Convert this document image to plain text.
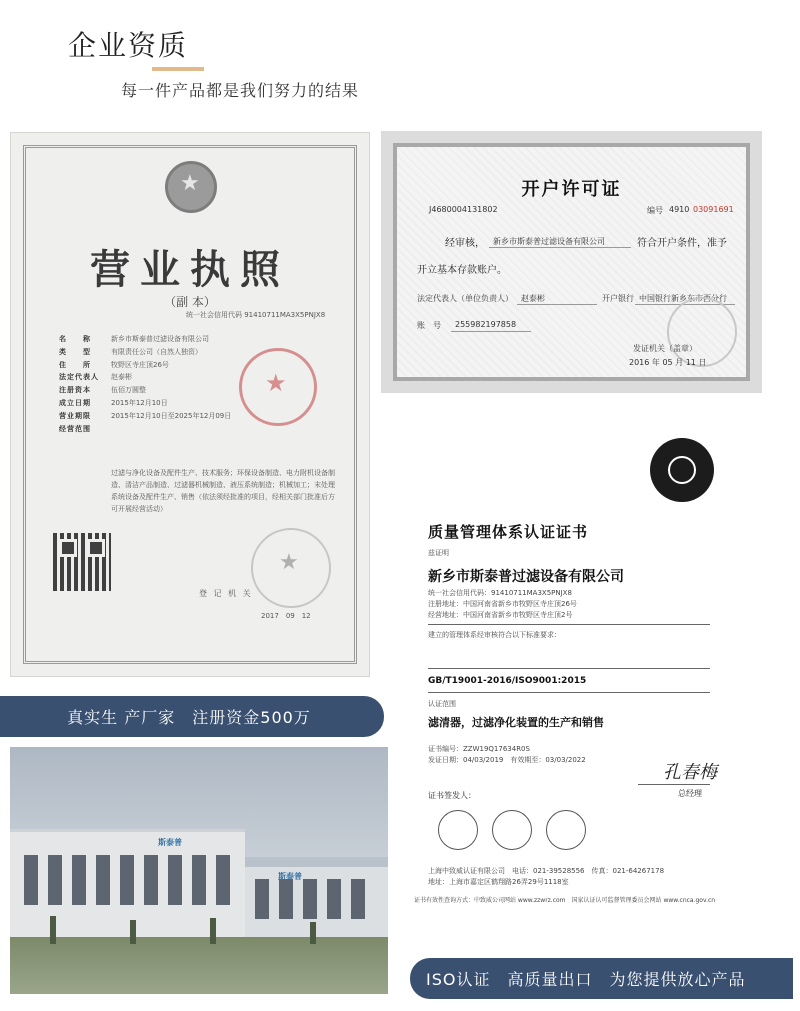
企业资质
每一件产品都是我们努力的结果
★
营业执照
（副 本）
统一社会信用代码 91410711MA3X5PNJX8
名　　称	新乡市斯泰普过滤设备有限公司
类　　型	有限责任公司（自然人独资）
住　　所	牧野区寺庄顶26号
法定代表人	赵泰彬
注册资本	伍佰万圆整
成立日期	2015年12月10日
营业期限	2015年12月10日至2025年12月09日
经营范围
过滤与净化设备及配件生产、技术服务；环保设备制造、电力附机设备制造、清洁产品制造、过滤器机械制造、液压系统制造；机械加工；末处理系统设备及配件生产、销售（依法须经批准的项目，经相关部门批准后方可开展经营活动）
★
★
登 记 机 关
2017　09　12
开户许可证
J4680004131802	编号 4910 03091691
经审核， 新乡市斯泰普过滤设备有限公司	符合开户条件，准予
开立基本存款账户。
法定代表人（单位负责人） 赵泰彬	开户银行 中国银行新乡东市西分行
账　号 255982197858
发证机关（盖章）
2016 年 05 月 11 日
质量管理体系认证证书
兹证明
新乡市斯泰普过滤设备有限公司
统一社会信用代码：91410711MA3X5PNJX8
注册地址：中国河南省新乡市牧野区寺庄顶26号
经营地址：中国河南省新乡市牧野区寺庄顶2号
建立的管理体系经审核符合以下标准要求：
GB/T19001-2016/ISO9001:2015
认证范围
滤清器，过滤净化装置的生产和销售
证书编号：ZZW19Q17634R0S
发证日期：04/03/2019　有效期至：03/03/2022
孔春梅
证书签发人：	总经理
上海中致威认证有限公司　电话：021-39528556　传真：021-64267178
地址：上海市嘉定区鹤翔路26弄29号1118室
证书有效性查询方式：中致威公司网站 www.zzwrz.com　国家认证认可监督管理委员会网站 www.cnca.gov.cn
真实生 产厂家　注册资金500万
斯泰普
斯泰普
ISO认证　高质量出口　为您提供放心产品
